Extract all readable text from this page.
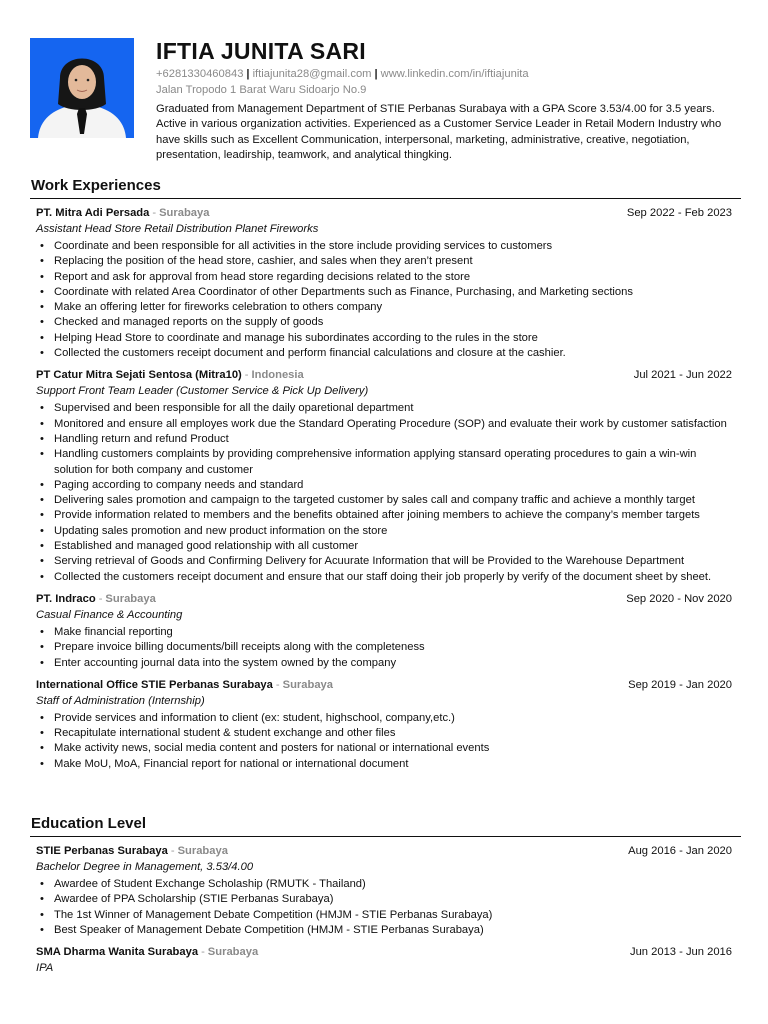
IFTIA JUNITA SARI
+6281330460843 | iftiajunita28@gmail.com | www.linkedin.com/in/iftiajunita
Jalan Tropodo 1 Barat Waru Sidoarjo No.9
Graduated from Management Department of STIE Perbanas Surabaya with a GPA Score 3.53/4.00 for 3.5 years. Active in various organization activities. Experienced as a Customer Service Leader in Retail Modern Industry who have skills such as Excellent Communication, interpersonal, marketing, administrative, creative, negotiation, presentation, leadirship, teamwork, and analytical thingking.
Work Experiences
PT. Mitra Adi Persada - Surabaya	Sep 2022 - Feb 2023
Assistant Head Store Retail Distribution Planet Fireworks
• Coordinate and been responsible for all activities in the store include providing services to customers
• Replacing the position of the head store, cashier, and sales when they aren’t present
• Report and ask for approval from head store regarding decisions related to the store
• Coordinate with related Area Coordinator of other Departments such as Finance, Purchasing, and Marketing sections
• Make an offering letter for fireworks celebration to others company
• Checked and managed reports on the supply of goods
• Helping Head Store to coordinate and manage his subordinates according to the rules in the store
• Collected the customers receipt document and perform financial calculations and closure at the cashier.
PT Catur Mitra Sejati Sentosa (Mitra10) - Indonesia	Jul 2021 - Jun 2022
Support Front Team Leader (Customer Service & Pick Up Delivery)
• Supervised and been responsible for all the daily oparetional department
• Monitored and ensure all employes work due the Standard Operating Procedure (SOP) and evaluate their work by customer satisfaction
• Handling return and refund Product
• Handling customers complaints by providing comprehensive information applying stansard operating procedures to gain a win-win solution for both company and customer
• Paging according to company needs and standard
• Delivering sales promotion and campaign to the targeted customer by sales call and company traffic and achieve a monthly target
• Provide information related to members and the benefits obtained after joining members to achieve the company’s member targets
• Updating sales promotion and new product information on the store
• Established and managed good relationship with all customer
• Serving retrieval of Goods and Confirming Delivery for Acuurate Information that will be Provided to the Warehouse Department
• Collected the customers receipt document and ensure that our staff doing their job properly by verify of the document sheet by sheet.
PT. Indraco - Surabaya	Sep 2020 - Nov 2020
Casual Finance & Accounting
• Make financial reporting
• Prepare invoice billing documents/bill receipts along with the completeness
• Enter accounting journal data into the system owned by the company
International Office STIE Perbanas Surabaya - Surabaya	Sep 2019 - Jan 2020
Staff of Administration (Internship)
• Provide services and information to client (ex: student, highschool, company,etc.)
• Recapitulate international student & student exchange and other files
• Make activity news, social media content and posters for national or international events
• Make MoU, MoA, Financial report for national or international document
Education Level
STIE Perbanas Surabaya - Surabaya	Aug 2016 - Jan 2020
Bachelor Degree in Management, 3.53/4.00
• Awardee of Student Exchange Scholaship (RMUTK - Thailand)
• Awardee of PPA Scholarship (STIE Perbanas Surabaya)
• The 1st Winner of Management Debate Competition (HMJM - STIE Perbanas Surabaya)
• Best Speaker of Management Debate Competition (HMJM - STIE Perbanas Surabaya)
SMA Dharma Wanita Surabaya - Surabaya	Jun 2013 - Jun 2016
IPA
